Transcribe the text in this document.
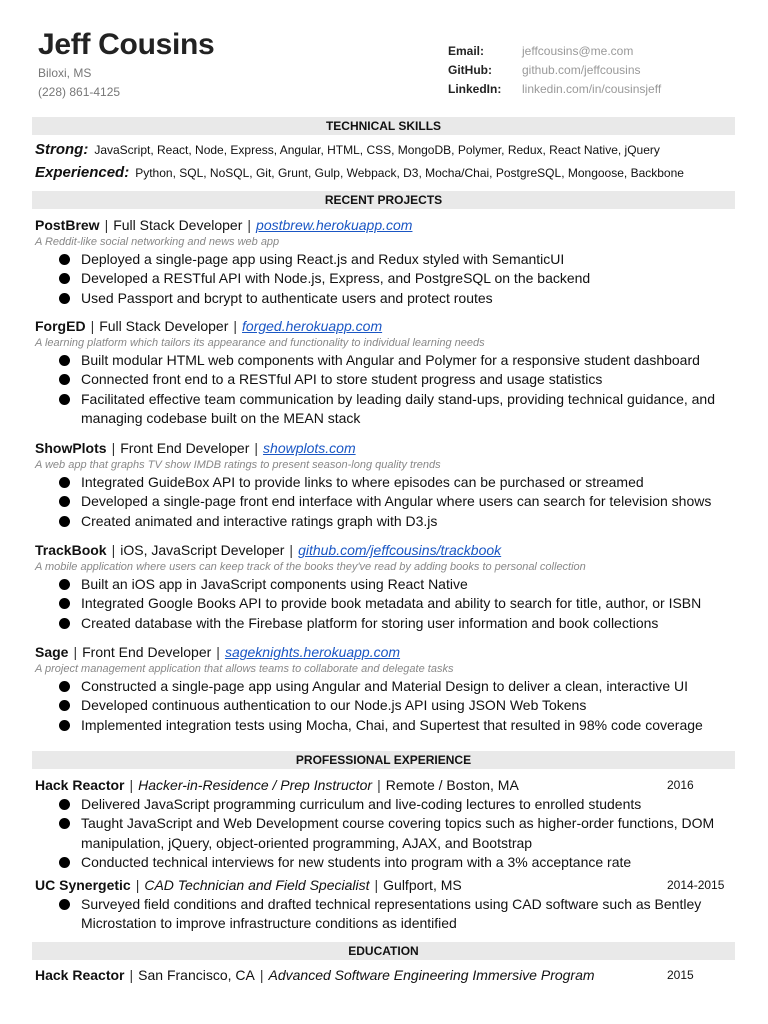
Jeff Cousins
Biloxi, MS
(228) 861-4125
Email:	jeffcousins@me.com
GitHub:	github.com/jeffcousins
LinkedIn:	linkedin.com/in/cousinsjeff
TECHNICAL SKILLS
Strong: JavaScript, React, Node, Express, Angular, HTML, CSS, MongoDB, Polymer, Redux, React Native, jQuery
Experienced: Python, SQL, NoSQL, Git, Grunt, Gulp, Webpack, D3, Mocha/Chai, PostgreSQL, Mongoose, Backbone
RECENT PROJECTS
PostBrew | Full Stack Developer | postbrew.herokuapp.com
A Reddit-like social networking and news web app
Deployed a single-page app using React.js and Redux styled with SemanticUI
Developed a RESTful API with Node.js, Express, and PostgreSQL on the backend
Used Passport and bcrypt to authenticate users and protect routes
ForgED | Full Stack Developer | forged.herokuapp.com
A learning platform which tailors its appearance and functionality to individual learning needs
Built modular HTML web components with Angular and Polymer for a responsive student dashboard
Connected front end to a RESTful API to store student progress and usage statistics
Facilitated effective team communication by leading daily stand-ups, providing technical guidance, and managing codebase built on the MEAN stack
ShowPlots | Front End Developer | showplots.com
A web app that graphs TV show IMDB ratings to present season-long quality trends
Integrated GuideBox API to provide links to where episodes can be purchased or streamed
Developed a single-page front end interface with Angular where users can search for television shows
Created animated and interactive ratings graph with D3.js
TrackBook | iOS, JavaScript Developer | github.com/jeffcousins/trackbook
A mobile application where users can keep track of the books they've read by adding books to personal collection
Built an iOS app in JavaScript components using React Native
Integrated Google Books API to provide book metadata and ability to search for title, author, or ISBN
Created database with the Firebase platform for storing user information and book collections
Sage | Front End Developer | sageknights.herokuapp.com
A project management application that allows teams to collaborate and delegate tasks
Constructed a single-page app using Angular and Material Design to deliver a clean, interactive UI
Developed continuous authentication to our Node.js API using JSON Web Tokens
Implemented integration tests using Mocha, Chai, and Supertest that resulted in 98% code coverage
PROFESSIONAL EXPERIENCE
Hack Reactor | Hacker-in-Residence / Prep Instructor | Remote / Boston, MA	2016
Delivered JavaScript programming curriculum and live-coding lectures to enrolled students
Taught JavaScript and Web Development course covering topics such as higher-order functions, DOM manipulation, jQuery, object-oriented programming, AJAX, and Bootstrap
Conducted technical interviews for new students into program with a 3% acceptance rate
UC Synergetic | CAD Technician and Field Specialist | Gulfport, MS	2014-2015
Surveyed field conditions and drafted technical representations using CAD software such as Bentley Microstation to improve infrastructure conditions as identified
EDUCATION
Hack Reactor | San Francisco, CA | Advanced Software Engineering Immersive Program	2015
